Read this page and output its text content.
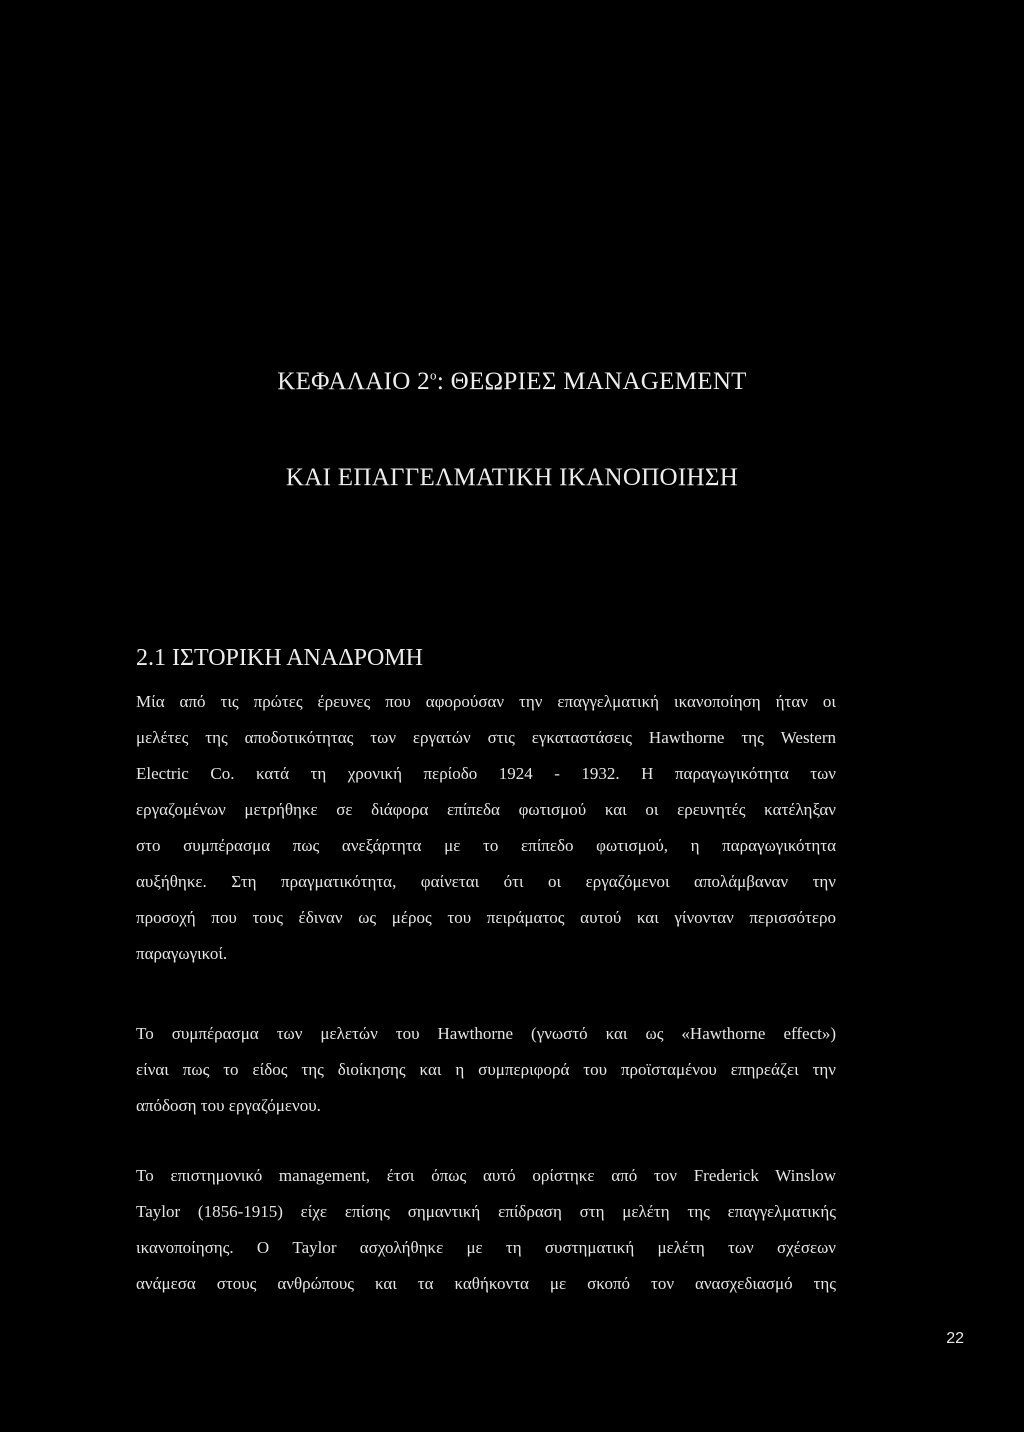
ΚΕΦΑΛΑΙΟ $2^o$: ΘΕΩΡΙΕΣ MANAGEMENT
ΚΑΙ ΕΠΑΓΓΕΛΜΑΤΙΚΗ ΙΚΑΝΟΠΟΙΗΣΗ
2.1 ΙΣΤΟΡΙΚΗ ΑΝΑΔΡΟΜΗ
Μία από τις πρώτες έρευνες που αφορούσαν την επαγγελματική ικανοποίηση ήταν οι
μελέτες της αποδοτικότητας των εργατών στις εγκαταστάσεις Hawthorne της Western
Electric Co. κατά τη χρονική περίοδο 1924 - 1932. Η παραγωγικότητα των
εργαζομένων μετρήθηκε σε διάφορα επίπεδα φωτισμού και οι ερευνητές κατέληξαν
στο συμπέρασμα πως ανεξάρτητα με το επίπεδο φωτισμού, η παραγωγικότητα
αυξήθηκε. Στη πραγματικότητα, φαίνεται ότι οι εργαζόμενοι απολάμβαναν την
προσοχή που τους έδιναν ως μέρος του πειράματος αυτού και γίνονταν περισσότερο
παραγωγικοί.
Το συμπέρασμα των μελετών του Hawthorne (γνωστό και ως «Hawthorne effect»)
είναι πως το είδος της διοίκησης και η συμπεριφορά του προϊσταμένου επηρεάζει την
απόδοση του εργαζόμενου.
Το επιστημονικό management, έτσι όπως αυτό ορίστηκε από τον Frederick Winslow
Taylor (1856-1915) είχε επίσης σημαντική επίδραση στη μελέτη της επαγγελματικής
ικανοποίησης. Ο Taylor ασχολήθηκε με τη συστηματική μελέτη των σχέσεων
ανάμεσα στους ανθρώπους και τα καθήκοντα με σκοπό τον ανασχεδιασμό της
22
